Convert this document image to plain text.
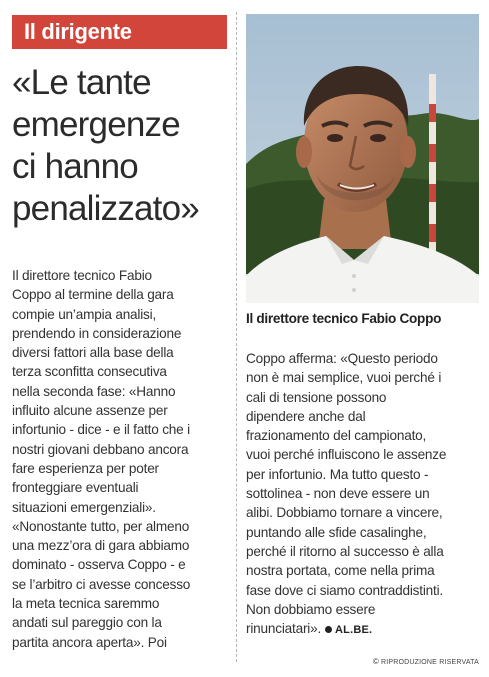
Il dirigente
«Le tante
emergenze
ci hanno
penalizzato»
Il direttore tecnico Fabio
Coppo al termine della gara
compie un’ampia analisi,
prendendo in considerazione
diversi fattori alla base della
terza sconfitta consecutiva
nella seconda fase: «Hanno
influito alcune assenze per
infortunio - dice - e il fatto che i
nostri giovani debbano ancora
fare esperienza per poter
fronteggiare eventuali
situazioni emergenziali».
«Nonostante tutto, per almeno
una mezz’ora di gara abbiamo
dominato - osserva Coppo - e
se l’arbitro ci avesse concesso
la meta tecnica saremmo
andati sul pareggio con la
partita ancora aperta». Poi
Il direttore tecnico Fabio Coppo
Coppo afferma: «Questo periodo
non è mai semplice, vuoi perché i
cali di tensione possono
dipendere anche dal
frazionamento del campionato,
vuoi perché influiscono le assenze
per infortunio. Ma tutto questo -
sottolinea - non deve essere un
alibi. Dobbiamo tornare a vincere,
puntando alle sfide casalinghe,
perché il ritorno al successo è alla
nostra portata, come nella prima
fase dove ci siamo contraddistinti.
Non dobbiamo essere
rinunciatari». AL.BE.
© RIPRODUZIONE RISERVATA
